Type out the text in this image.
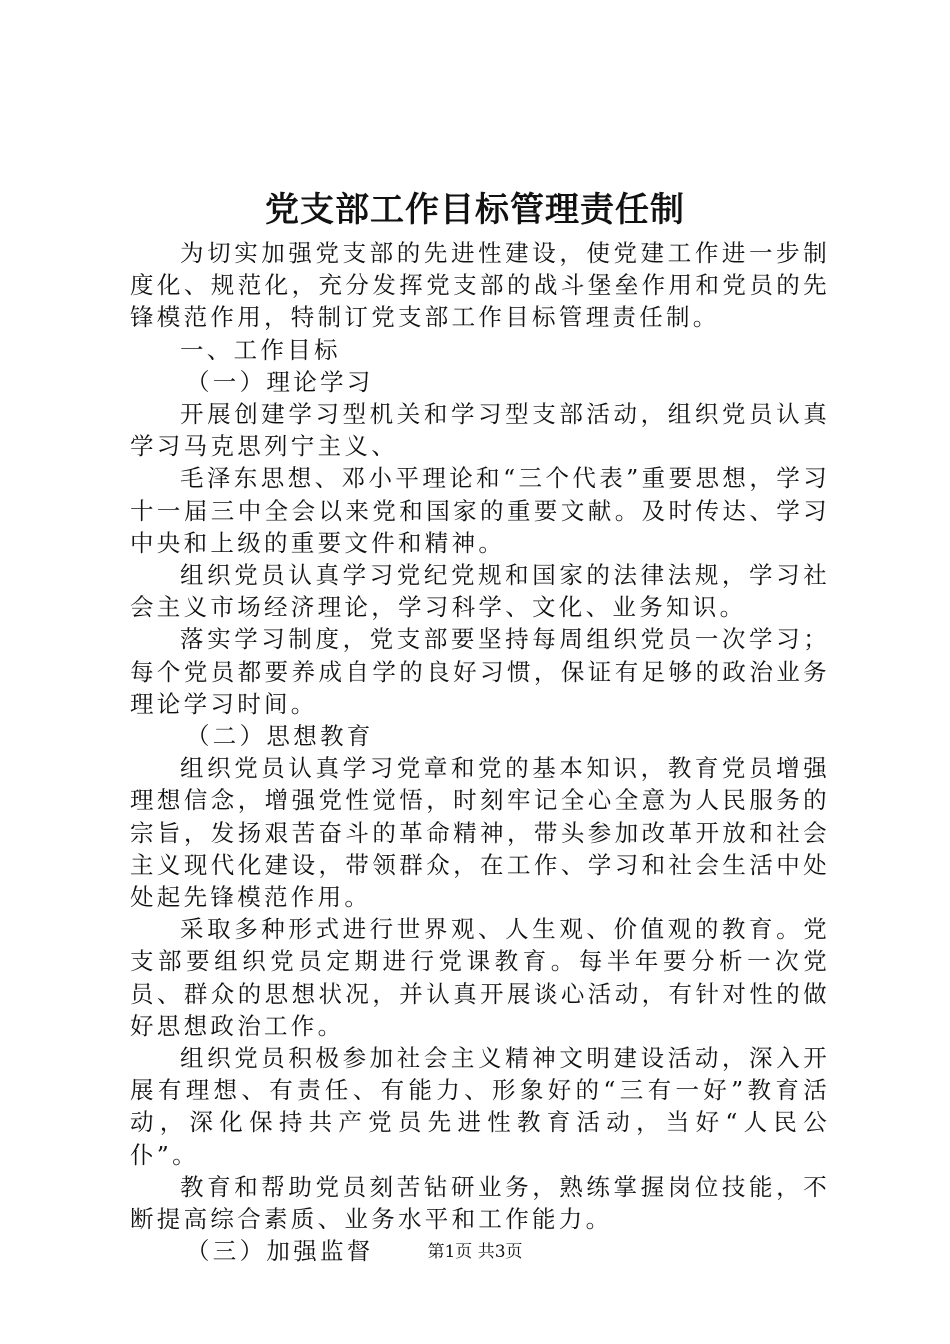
党支部工作目标管理责任制

为切实加强党支部的先进性建设，使党建工作进一步制度化、规范化，充分发挥党支部的战斗堡垒作用和党员的先锋模范作用，特制订党支部工作目标管理责任制。

一、工作目标

（一）理论学习

开展创建学习型机关和学习型支部活动，组织党员认真学习马克思列宁主义、

毛泽东思想、邓小平理论和“三个代表”重要思想，学习十一届三中全会以来党和国家的重要文献。及时传达、学习中央和上级的重要文件和精神。

组织党员认真学习党纪党规和国家的法律法规，学习社会主义市场经济理论，学习科学、文化、业务知识。

落实学习制度，党支部要坚持每周组织党员一次学习；每个党员都要养成自学的良好习惯，保证有足够的政治业务理论学习时间。

（二）思想教育

组织党员认真学习党章和党的基本知识，教育党员增强理想信念，增强党性觉悟，时刻牢记全心全意为人民服务的宗旨，发扬艰苦奋斗的革命精神，带头参加改革开放和社会主义现代化建设，带领群众，在工作、学习和社会生活中处处起先锋模范作用。

采取多种形式进行世界观、人生观、价值观的教育。党支部要组织党员定期进行党课教育。每半年要分析一次党员、群众的思想状况，并认真开展谈心活动，有针对性的做好思想政治工作。

组织党员积极参加社会主义精神文明建设活动，深入开展有理想、有责任、有能力、形象好的“三有一好”教育活动，深化保持共产党员先进性教育活动，当好“人民公仆”。

教育和帮助党员刻苦钻研业务，熟练掌握岗位技能，不断提高综合素质、业务水平和工作能力。

（三）加强监督	第1页 共3页
